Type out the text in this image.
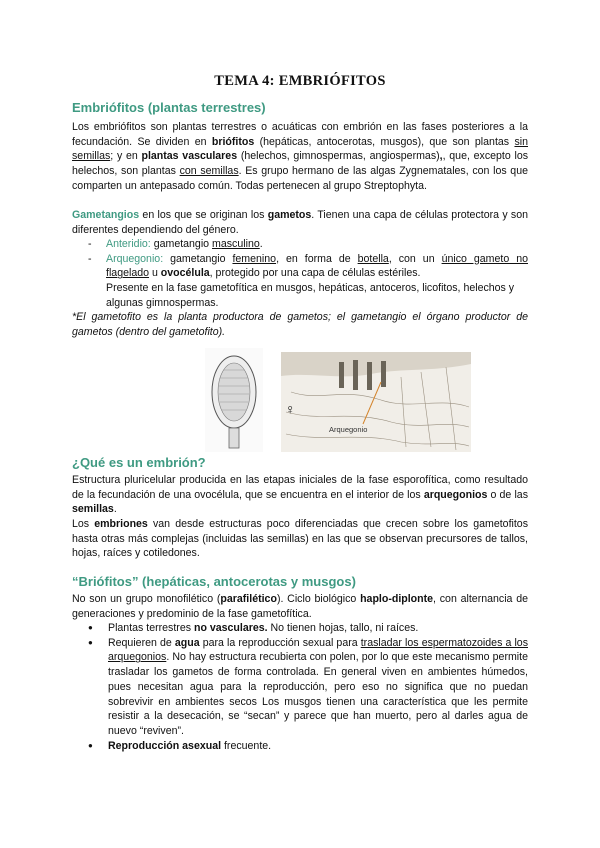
TEMA 4: EMBRIÓFITOS
Embriófitos (plantas terrestres)
Los embriófitos son plantas terrestres o acuáticas con embrión en las fases posteriores a la fecundación. Se dividen en briófitos (hepáticas, antocerotas, musgos), que son plantas sin semillas; y en plantas vasculares (helechos, gimnospermas, angiospermas),, que, excepto los helechos, son plantas con semillas. Es grupo hermano de las algas Zygnematales, con los que comparten un antepasado común. Todas pertenecen al grupo Streptophyta.
Gametangios en los que se originan los gametos. Tienen una capa de células protectora y son diferentes dependiendo del género.
- Anteridio: gametangio masculino.
- Arquegonio: gametangio femenino, en forma de botella, con un único gameto no flagelado u ovocélula, protegido por una capa de células estériles.
Presente en la fase gametofítica en musgos, hepáticas, antoceros, licofitos, helechos y algunas gimnospermas.
*El gametofito es la planta productora de gametos; el gametangio el órgano productor de gametos (dentro del gametofito).
Arquegonio
♀
¿Qué es un embrión?
Estructura pluricelular producida en las etapas iniciales de la fase esporofítica, como resultado de la fecundación de una ovocélula, que se encuentra en el interior de los arquegonios o de las semillas.
Los embriones van desde estructuras poco diferenciadas que crecen sobre los gametofitos hasta otras más complejas (incluidas las semillas) en las que se observan precursores de tallos, hojas, raíces y cotiledones.
“Briófitos” (hepáticas, antocerotas y musgos)
No son un grupo monofilético (parafilético). Ciclo biológico haplo-diplonte, con alternancia de generaciones y predominio de la fase gametofítica.
● Plantas terrestres no vasculares. No tienen hojas, tallo, ni raíces.
● Requieren de agua para la reproducción sexual para trasladar los espermatozoides a los arquegonios. No hay estructura recubierta con polen, por lo que este mecanismo permite trasladar los gametos de forma controlada. En general viven en ambientes húmedos, pues necesitan agua para la reproducción, pero eso no significa que no puedan sobrevivir en ambientes secos Los musgos tienen una característica que les permite resistir a la desecación, se “secan” y parece que han muerto, pero al darles agua de nuevo “reviven”.
● Reproducción asexual frecuente.
